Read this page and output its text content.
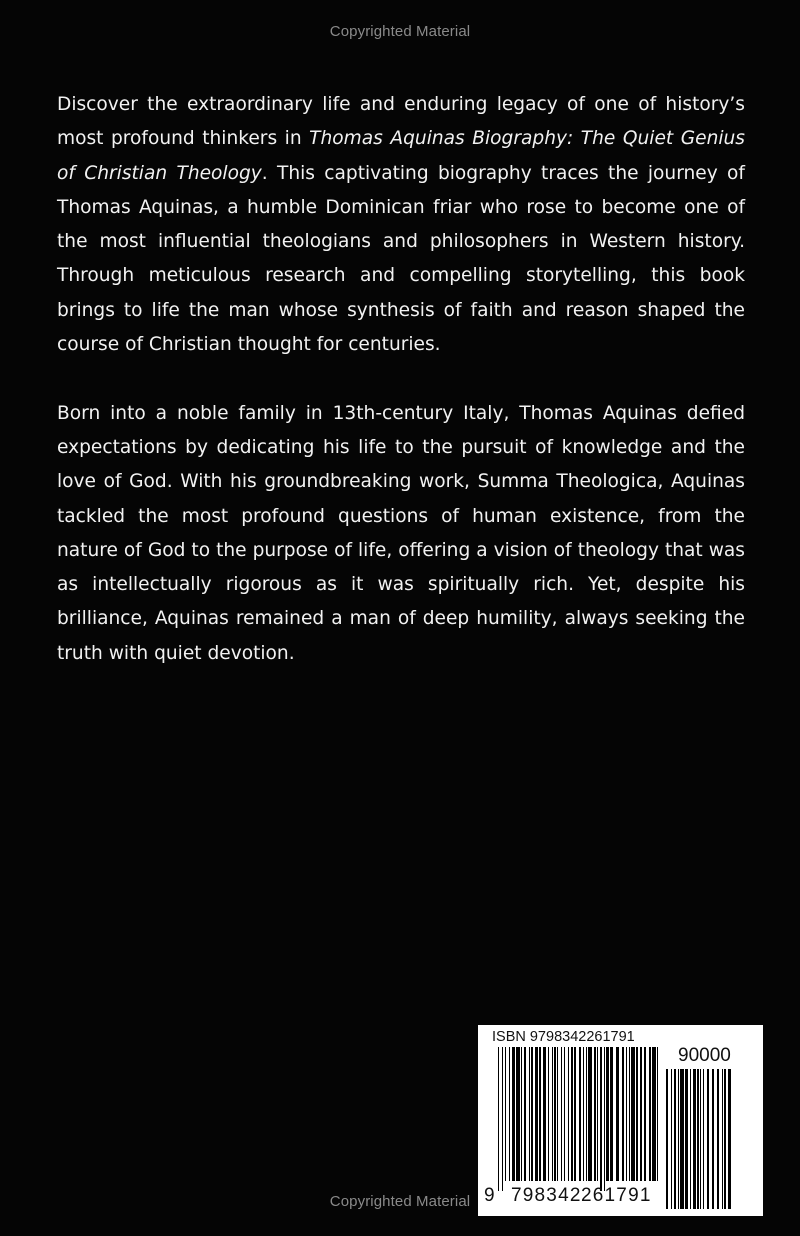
Copyrighted Material

Discover the extraordinary life and enduring legacy of one of history’s most profound thinkers in Thomas Aquinas Biography: The Quiet Genius of Christian Theology. This captivating biography traces the journey of Thomas Aquinas, a humble Dominican friar who rose to become one of the most influential theologians and philosophers in Western history. Through meticulous research and compelling storytelling, this book brings to life the man whose synthesis of faith and reason shaped the course of Christian thought for centuries.

Born into a noble family in 13th-century Italy, Thomas Aquinas defied expectations by dedicating his life to the pursuit of knowledge and the love of God. With his groundbreaking work, Summa Theologica, Aquinas tackled the most profound questions of human existence, from the nature of God to the purpose of life, offering a vision of theology that was as intellectually rigorous as it was spiritually rich. Yet, despite his brilliance, Aquinas remained a man of deep humility, always seeking the truth with quiet devotion.

ISBN 9798342261791
90000
9 798342 261791
Copyrighted Material
